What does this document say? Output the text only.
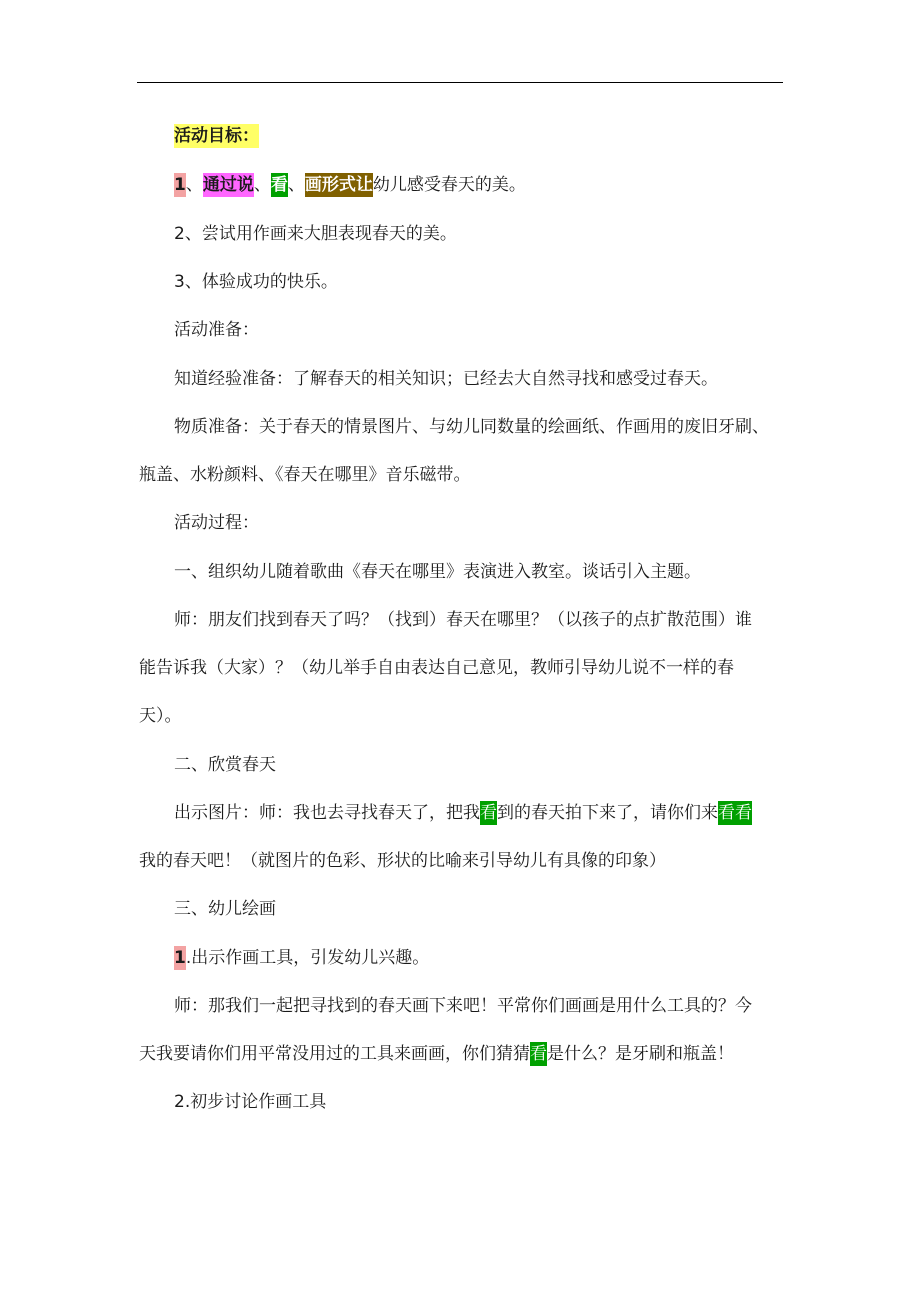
活动目标：
1、通过说、看、画形式让幼儿感受春天的美。
2、尝试用作画来大胆表现春天的美。
3、体验成功的快乐。
活动准备：
知道经验准备：了解春天的相关知识；已经去大自然寻找和感受过春天。
物质准备：关于春天的情景图片、与幼儿同数量的绘画纸、作画用的废旧牙刷、
瓶盖、水粉颜料、《春天在哪里》音乐磁带。
活动过程：
一、组织幼儿随着歌曲《春天在哪里》表演进入教室。谈话引入主题。
师：朋友们找到春天了吗？（找到）春天在哪里？（以孩子的点扩散范围）谁
能告诉我（大家）？（幼儿举手自由表达自己意见，教师引导幼儿说不一样的春
天）。
二、欣赏春天
出示图片：师：我也去寻找春天了，把我看到的春天拍下来了，请你们来看看
我的春天吧！（就图片的色彩、形状的比喻来引导幼儿有具像的印象）
三、幼儿绘画
1.出示作画工具，引发幼儿兴趣。
师：那我们一起把寻找到的春天画下来吧！平常你们画画是用什么工具的？今
天我要请你们用平常没用过的工具来画画，你们猜猜看是什么？是牙刷和瓶盖！
2.初步讨论作画工具
